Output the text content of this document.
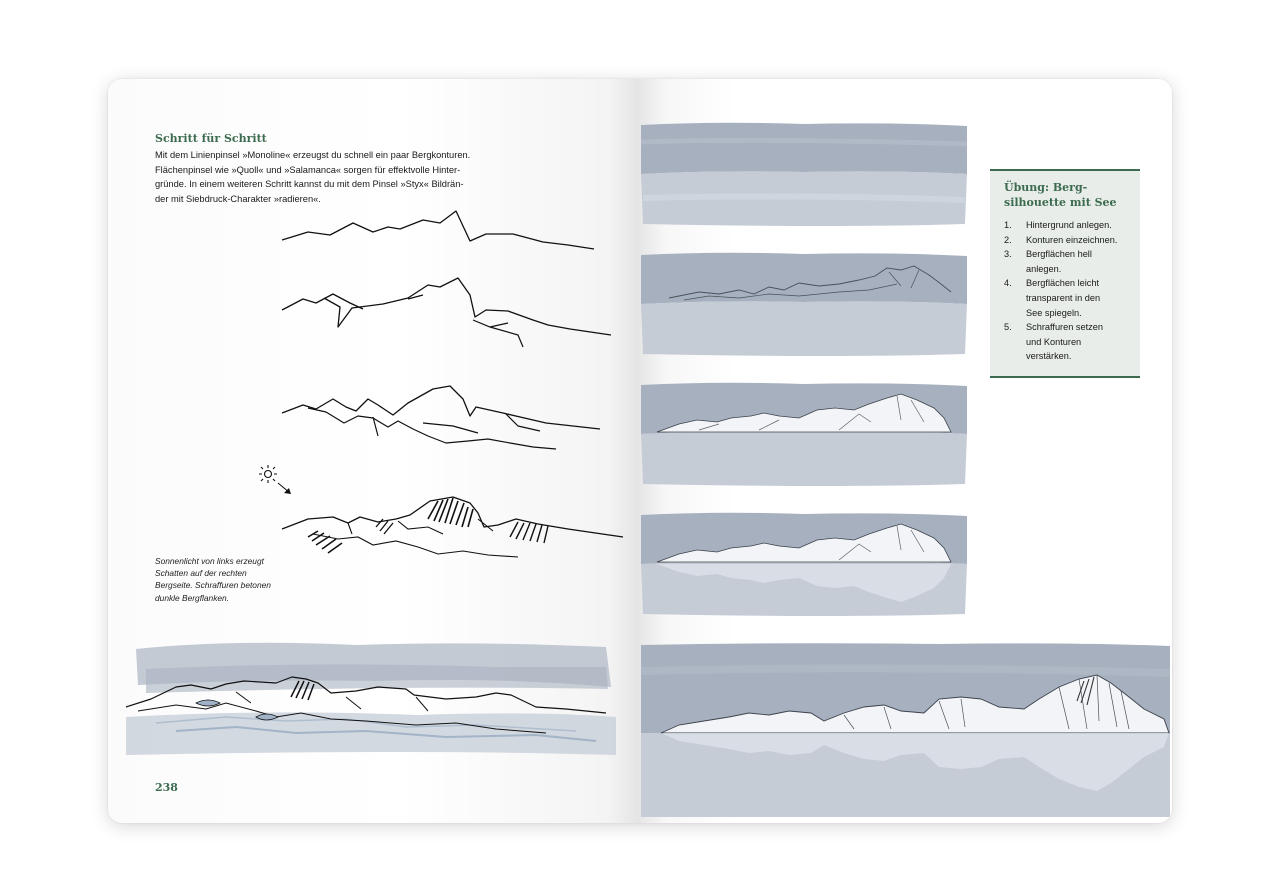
Schritt für Schritt
Mit dem Linienpinsel »Monoline« erzeugst du schnell ein paar Bergkonturen.
Flächenpinsel wie »Quoll« und »Salamanca« sorgen für effektvolle Hinter-
gründe. In einem weiteren Schritt kannst du mit dem Pinsel »Styx« Bildrän-
der mit Siebdruck-Charakter »radieren«.
Sonnenlicht von links erzeugt
Schatten auf der rechten
Bergseite. Schraffuren betonen
dunkle Bergflanken.
238
Übung: Berg-
silhouette mit See
1.	Hintergrund anlegen.
2.	Konturen einzeichnen.
3.	Bergflächen hell
anlegen.
4.	Bergflächen leicht
transparent in den
See spiegeln.
5.	Schraffuren setzen
und Konturen
verstärken.
